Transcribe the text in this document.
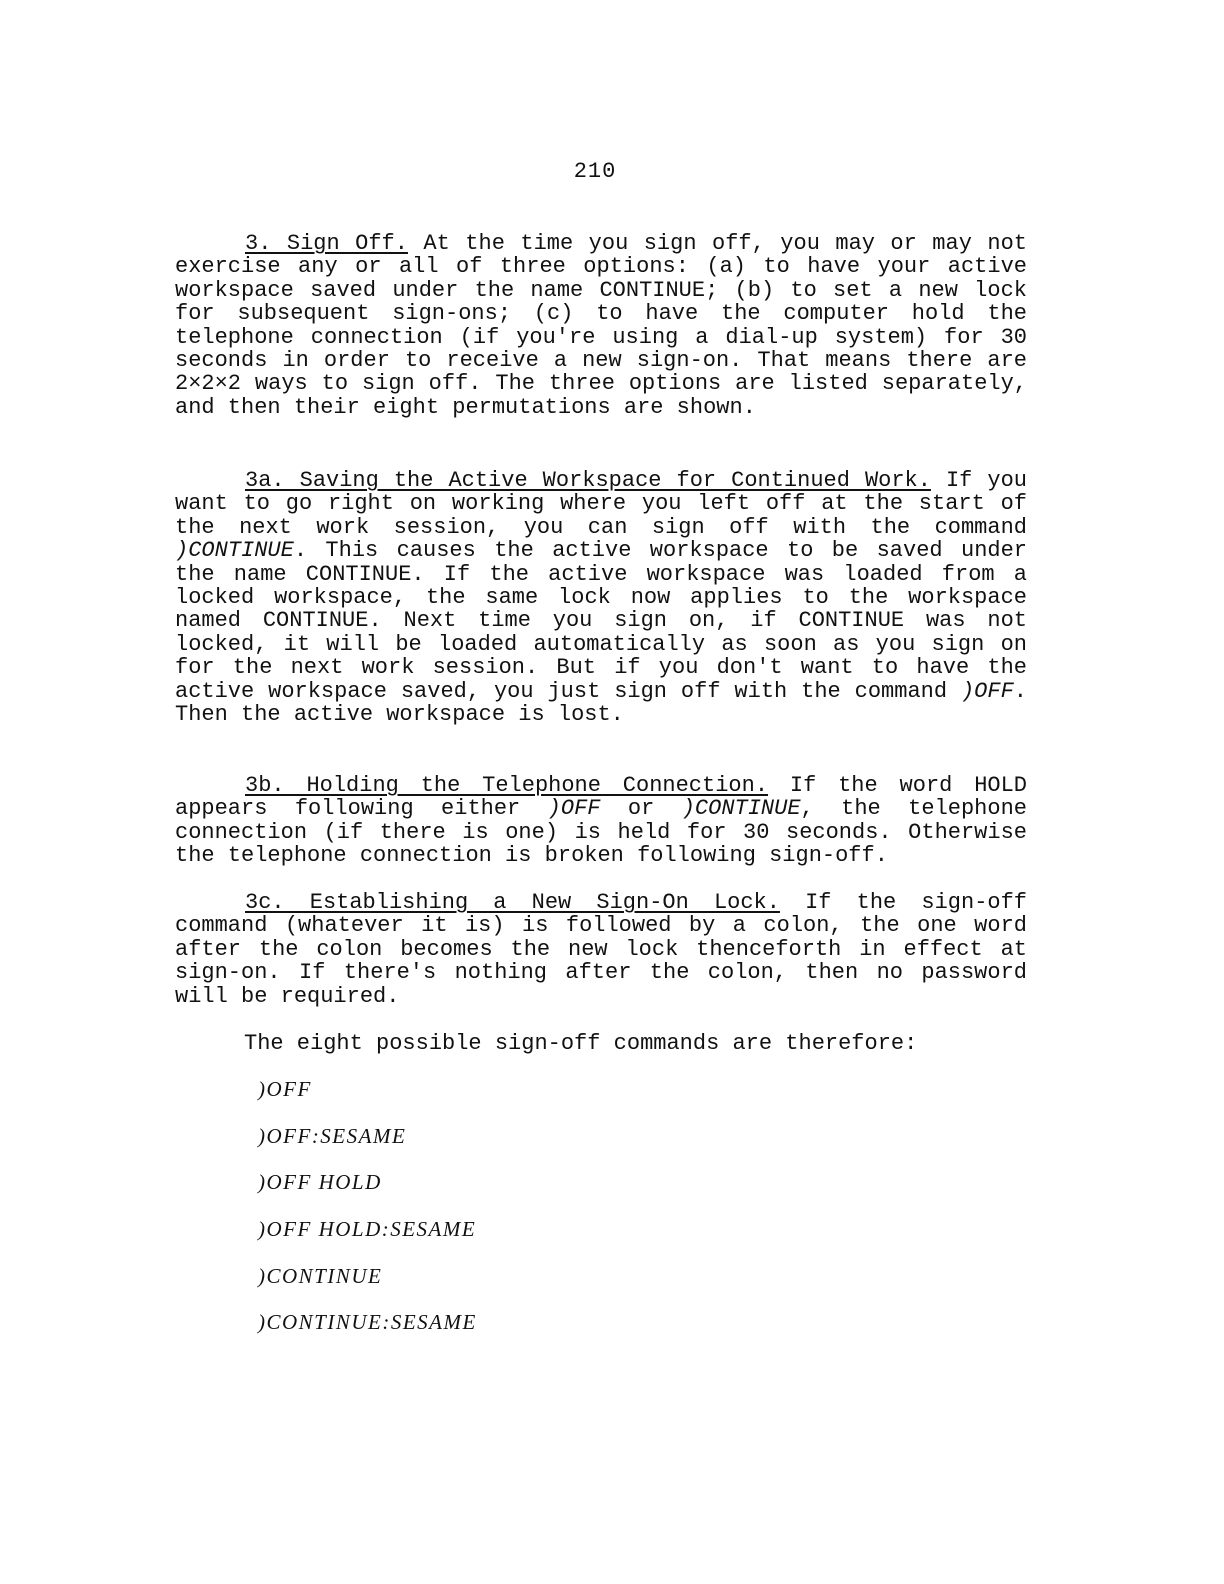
210

3. Sign Off. At the time you sign off, you may or may not exercise any or all of three options: (a) to have your active workspace saved under the name CONTINUE; (b) to set a new lock for subsequent sign-ons; (c) to have the computer hold the telephone connection (if you're using a dial-up system) for 30 seconds in order to receive a new sign-on. That means there are 2×2×2 ways to sign off. The three options are listed separately, and then their eight permutations are shown.

3a. Saving the Active Workspace for Continued Work. If you want to go right on working where you left off at the start of the next work session, you can sign off with the command )CONTINUE. This causes the active workspace to be saved under the name CONTINUE. If the active workspace was loaded from a locked workspace, the same lock now applies to the workspace named CONTINUE. Next time you sign on, if CONTINUE was not locked, it will be loaded automatically as soon as you sign on for the next work session. But if you don't want to have the active workspace saved, you just sign off with the command )OFF. Then the active workspace is lost.

3b. Holding the Telephone Connection. If the word HOLD appears following either )OFF or )CONTINUE, the telephone connection (if there is one) is held for 30 seconds. Otherwise the telephone connection is broken following sign-off.

3c. Establishing a New Sign-On Lock. If the sign-off command (whatever it is) is followed by a colon, the one word after the colon becomes the new lock thenceforth in effect at sign-on. If there's nothing after the colon, then no password will be required.

The eight possible sign-off commands are therefore:

)OFF

)OFF:SESAME

)OFF HOLD

)OFF HOLD:SESAME

)CONTINUE

)CONTINUE:SESAME
